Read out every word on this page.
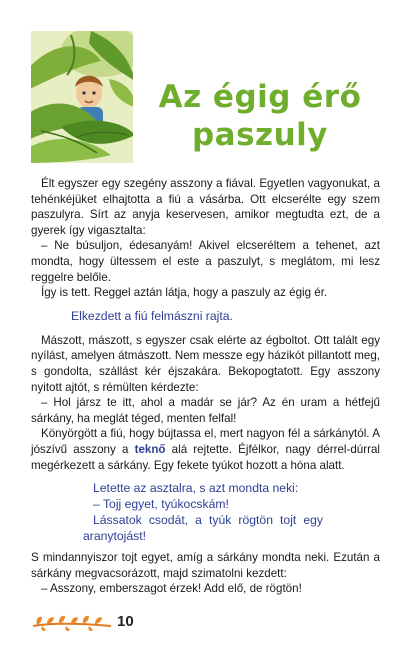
Az égig érő
paszuly

Élt egyszer egy szegény asszony a fiával. Egyetlen vagyonukat, a tehénkéjüket elhajtotta a fiú a vásárba. Ott elcserélte egy szem paszulyra. Sírt az anyja keservesen, amikor megtudta ezt, de a gyerek így vigasztalta:

– Ne búsuljon, édesanyám! Akivel elcseréltem a tehenet, azt mondta, hogy ültessem el este a paszulyt, s meglátom, mi lesz reggelre belőle.

Így is tett. Reggel aztán látja, hogy a paszuly az égig ér.

Elkezdett a fiú felmászni rajta.

Mászott, mászott, s egyszer csak elérte az égboltot. Ott talált egy nyílást, amelyen átmászott. Nem messze egy házikót pillantott meg, s gondolta, szállást kér éjszakára. Bekopogtatott. Egy asszony nyitott ajtót, s rémülten kérdezte:

– Hol jársz te itt, ahol a madár se jár? Az én uram a hétfejű sárkány, ha meglát téged, menten felfal!

Könyörgött a fiú, hogy bújtassa el, mert nagyon fél a sárkánytól. A jószívű asszony a teknő alá rejtette. Éjfélkor, nagy dérrel-dúrral megérkezett a sárkány. Egy fekete tyúkot hozott a hóna alatt.

Letette az asztalra, s azt mondta neki:

– Tojj egyet, tyúkocskám!

Lássatok csodát, a tyúk rögtön tojt egy aranytojást!

S mindannyiszor tojt egyet, amíg a sárkány mondta neki. Ezután a sárkány megvacsorázott, majd szimatolni kezdett:

– Asszony, emberszagot érzek! Add elő, de rögtön!

10
